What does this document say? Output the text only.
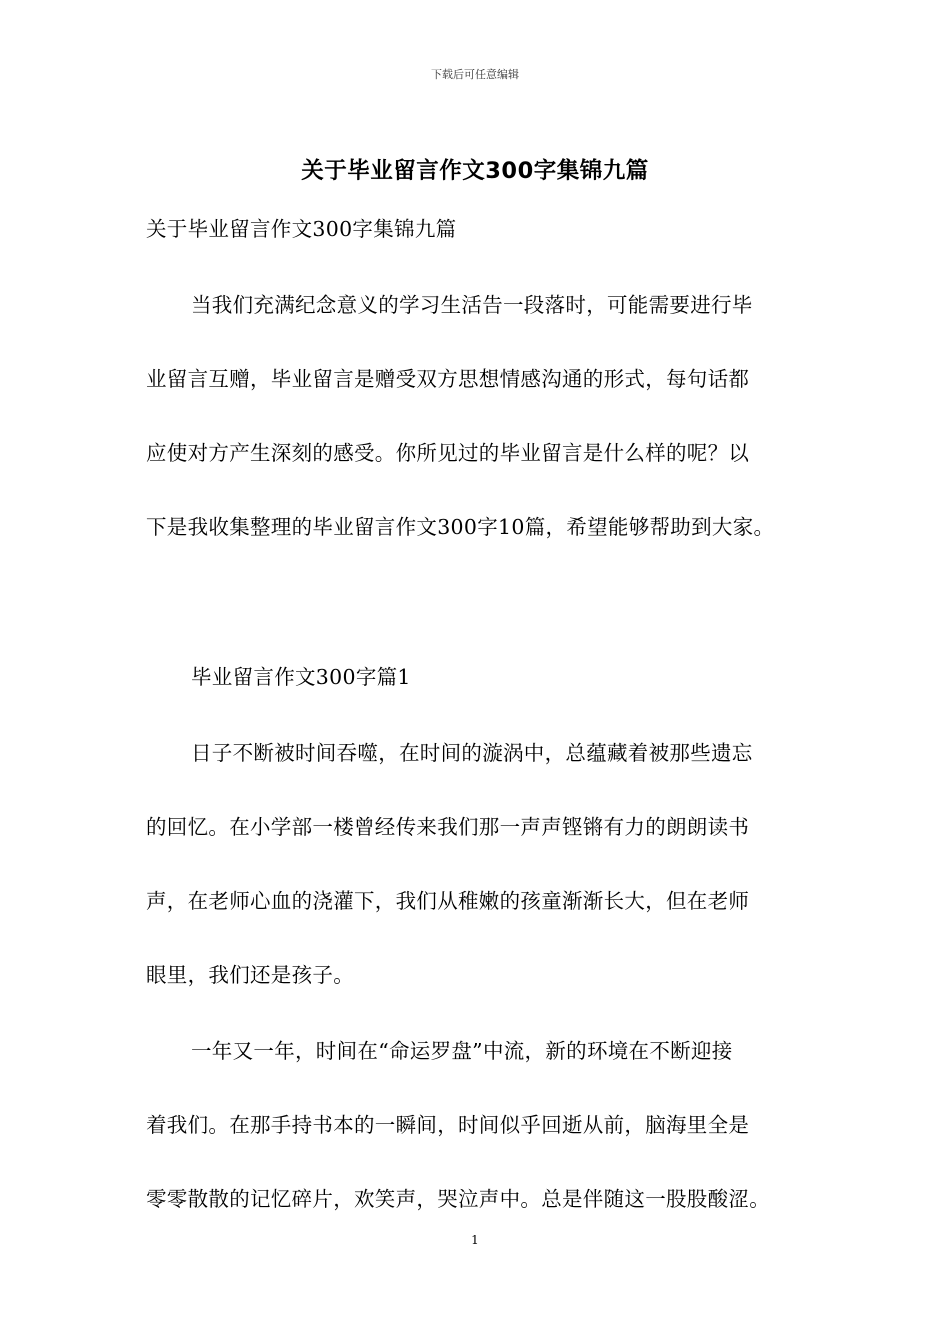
下载后可任意编辑
关于毕业留言作文300字集锦九篇
关于毕业留言作文300字集锦九篇
当我们充满纪念意义的学习生活告一段落时，可能需要进行毕
业留言互赠，毕业留言是赠受双方思想情感沟通的形式，每句话都
应使对方产生深刻的感受。你所见过的毕业留言是什么样的呢？以
下是我收集整理的毕业留言作文300字10篇，希望能够帮助到大家。
毕业留言作文300字篇1
日子不断被时间吞噬，在时间的漩涡中，总蕴藏着被那些遗忘
的回忆。在小学部一楼曾经传来我们那一声声铿锵有力的朗朗读书
声，在老师心血的浇灌下，我们从稚嫩的孩童渐渐长大，但在老师
眼里，我们还是孩子。
一年又一年，时间在“命运罗盘”中流，新的环境在不断迎接
着我们。在那手持书本的一瞬间，时间似乎回逝从前，脑海里全是
零零散散的记忆碎片，欢笑声，哭泣声中。总是伴随这一股股酸涩。
1
